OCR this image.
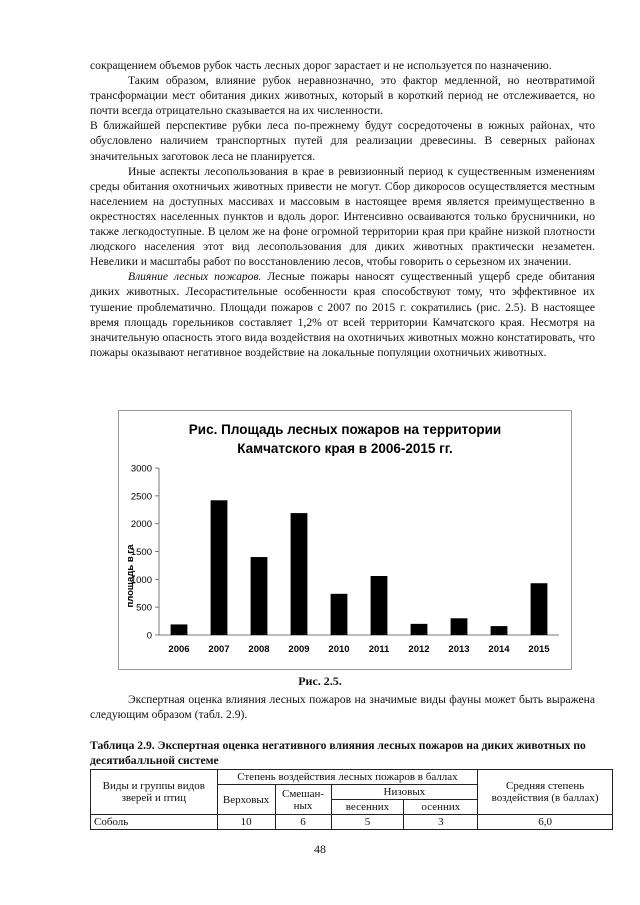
сокращением объемов рубок часть лесных дорог зарастает и не используется по назначению.

Таким образом, влияние рубок неравнозначно, это фактор медленной, но неотвратимой трансформации мест обитания диких животных, который в короткий период не отслеживается, но почти всегда отрицательно сказывается на их численности.

В ближайшей перспективе рубки леса по-прежнему будут сосредоточены в южных районах, что обусловлено наличием транспортных путей для реализации древесины. В северных районах значительных заготовок леса не планируется.

Иные аспекты лесопользования в крае в ревизионный период к существенным изменениям среды обитания охотничьих животных привести не могут. Сбор дикоросов осуществляется местным населением на доступных массивах и массовым в настоящее время является преимущественно в окрестностях населенных пунктов и вдоль дорог. Интенсивно осваиваются только брусничники, но также легкодоступные. В целом же на фоне огромной территории края при крайне низкой плотности людского населения этот вид лесопользования для диких животных практически незаметен. Невелики и масштабы работ по восстановлению лесов, чтобы говорить о серьезном их значении.

Влияние лесных пожаров. Лесные пожары наносят существенный ущерб среде обитания диких животных. Лесорастительные особенности края способствуют тому, что эффективное их тушение проблематично. Площади пожаров с 2007 по 2015 г. сократились (рис. 2.5). В настоящее время площадь горельников составляет 1,2% от всей территории Камчатского края. Несмотря на значительную опасность этого вида воздействия на охотничьих животных можно констатировать, что пожары оказывают негативное воздействие на локальные популяции охотничьих животных.

Рис. Площадь лесных пожаров на территории
Камчатского края в 2006-2015 гг.
площадь в га
0
500
1000
1500
2000
2500
3000
2006 2007 2008 2009 2010 2011 2012 2013 2014 2015
Рис. 2.5.

Экспертная оценка влияния лесных пожаров на значимые виды фауны может быть выражена следующим образом (табл. 2.9).

Таблица 2.9. Экспертная оценка негативного влияния лесных пожаров на диких животных по десятибалльной системе
Виды и группы видов зверей и птиц	Степень воздействия лесных пожаров в баллах				Средняя степень воздействия (в баллах)
	Верховых	Смешан-ных	Низовых		
			весенних	осенних	
Соболь	10	6	5	3	6,0
48
